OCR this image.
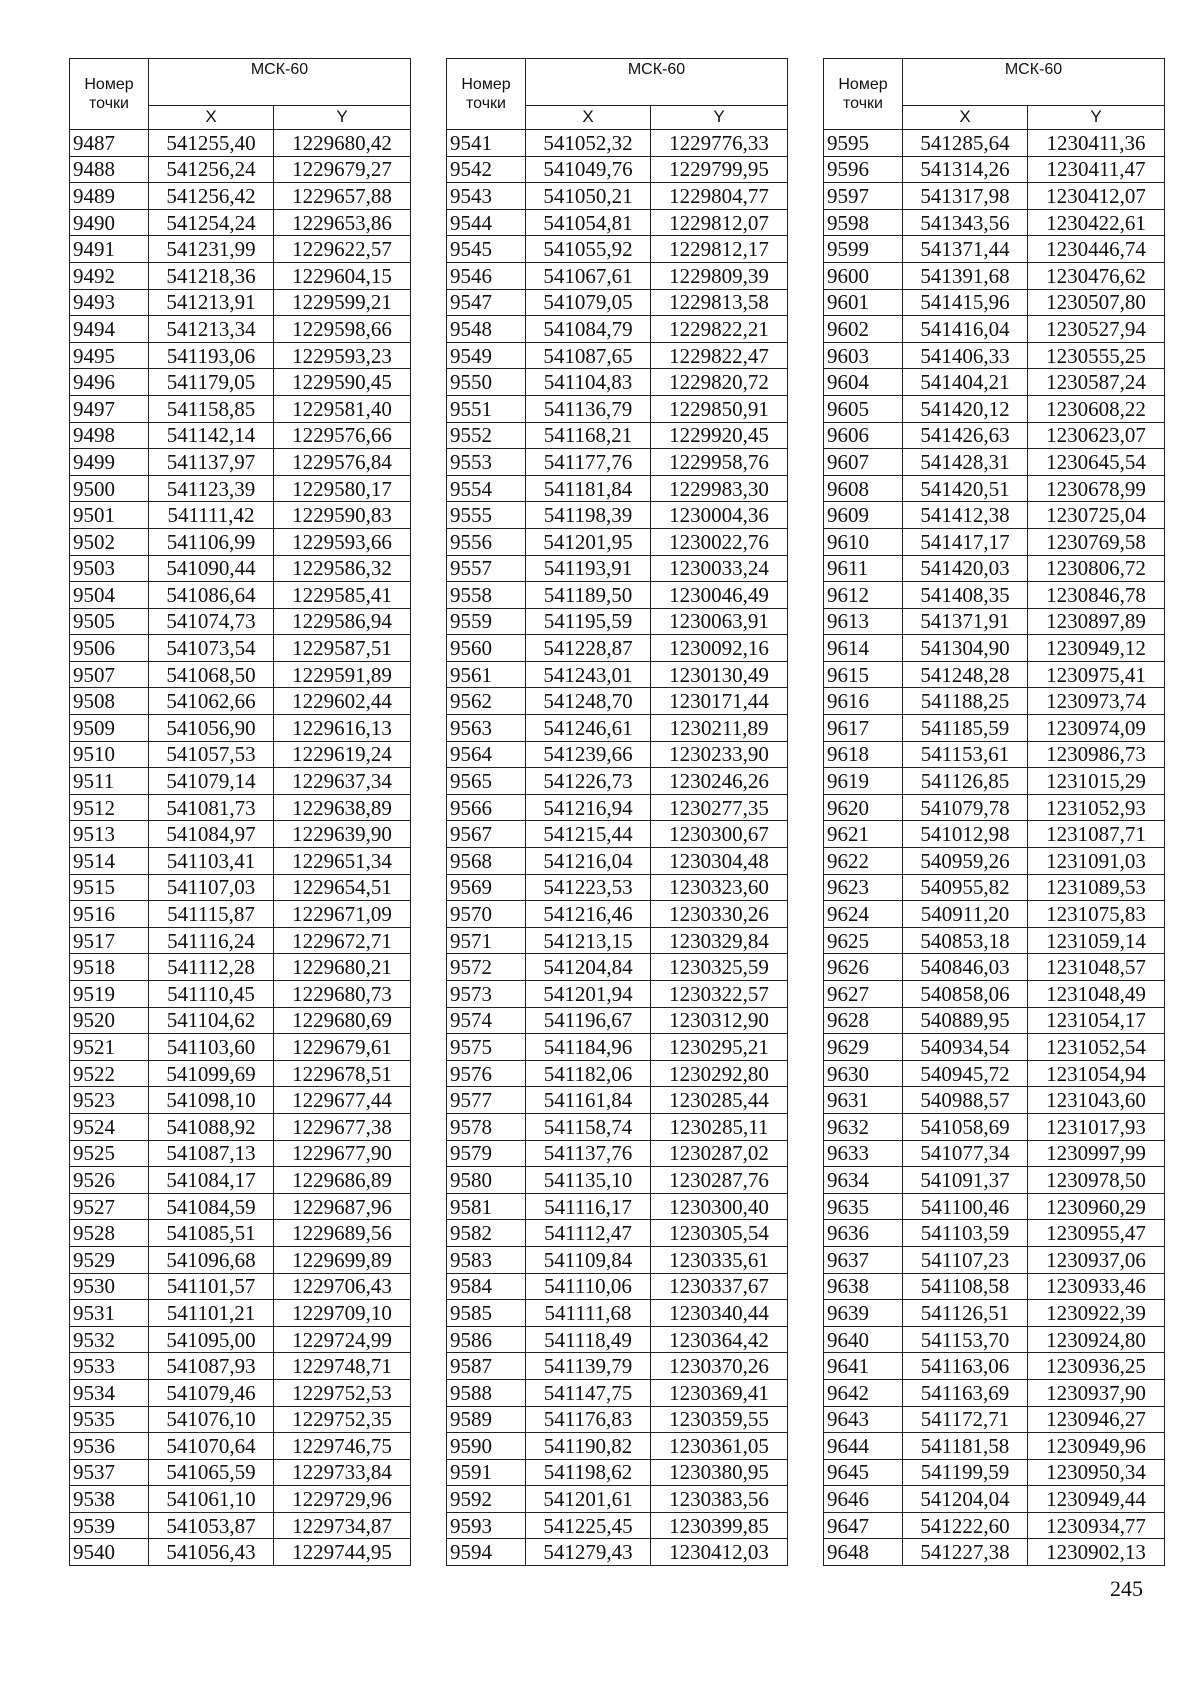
Номер
точки	МСК-60	
	X	Y
9487	541255,40	1229680,42
9488	541256,24	1229679,27
9489	541256,42	1229657,88
9490	541254,24	1229653,86
9491	541231,99	1229622,57
9492	541218,36	1229604,15
9493	541213,91	1229599,21
9494	541213,34	1229598,66
9495	541193,06	1229593,23
9496	541179,05	1229590,45
9497	541158,85	1229581,40
9498	541142,14	1229576,66
9499	541137,97	1229576,84
9500	541123,39	1229580,17
9501	541111,42	1229590,83
9502	541106,99	1229593,66
9503	541090,44	1229586,32
9504	541086,64	1229585,41
9505	541074,73	1229586,94
9506	541073,54	1229587,51
9507	541068,50	1229591,89
9508	541062,66	1229602,44
9509	541056,90	1229616,13
9510	541057,53	1229619,24
9511	541079,14	1229637,34
9512	541081,73	1229638,89
9513	541084,97	1229639,90
9514	541103,41	1229651,34
9515	541107,03	1229654,51
9516	541115,87	1229671,09
9517	541116,24	1229672,71
9518	541112,28	1229680,21
9519	541110,45	1229680,73
9520	541104,62	1229680,69
9521	541103,60	1229679,61
9522	541099,69	1229678,51
9523	541098,10	1229677,44
9524	541088,92	1229677,38
9525	541087,13	1229677,90
9526	541084,17	1229686,89
9527	541084,59	1229687,96
9528	541085,51	1229689,56
9529	541096,68	1229699,89
9530	541101,57	1229706,43
9531	541101,21	1229709,10
9532	541095,00	1229724,99
9533	541087,93	1229748,71
9534	541079,46	1229752,53
9535	541076,10	1229752,35
9536	541070,64	1229746,75
9537	541065,59	1229733,84
9538	541061,10	1229729,96
9539	541053,87	1229734,87
9540	541056,43	1229744,95
Номер
точки	МСК-60	
	X	Y
9541	541052,32	1229776,33
9542	541049,76	1229799,95
9543	541050,21	1229804,77
9544	541054,81	1229812,07
9545	541055,92	1229812,17
9546	541067,61	1229809,39
9547	541079,05	1229813,58
9548	541084,79	1229822,21
9549	541087,65	1229822,47
9550	541104,83	1229820,72
9551	541136,79	1229850,91
9552	541168,21	1229920,45
9553	541177,76	1229958,76
9554	541181,84	1229983,30
9555	541198,39	1230004,36
9556	541201,95	1230022,76
9557	541193,91	1230033,24
9558	541189,50	1230046,49
9559	541195,59	1230063,91
9560	541228,87	1230092,16
9561	541243,01	1230130,49
9562	541248,70	1230171,44
9563	541246,61	1230211,89
9564	541239,66	1230233,90
9565	541226,73	1230246,26
9566	541216,94	1230277,35
9567	541215,44	1230300,67
9568	541216,04	1230304,48
9569	541223,53	1230323,60
9570	541216,46	1230330,26
9571	541213,15	1230329,84
9572	541204,84	1230325,59
9573	541201,94	1230322,57
9574	541196,67	1230312,90
9575	541184,96	1230295,21
9576	541182,06	1230292,80
9577	541161,84	1230285,44
9578	541158,74	1230285,11
9579	541137,76	1230287,02
9580	541135,10	1230287,76
9581	541116,17	1230300,40
9582	541112,47	1230305,54
9583	541109,84	1230335,61
9584	541110,06	1230337,67
9585	541111,68	1230340,44
9586	541118,49	1230364,42
9587	541139,79	1230370,26
9588	541147,75	1230369,41
9589	541176,83	1230359,55
9590	541190,82	1230361,05
9591	541198,62	1230380,95
9592	541201,61	1230383,56
9593	541225,45	1230399,85
9594	541279,43	1230412,03
Номер
точки	МСК-60	
	X	Y
9595	541285,64	1230411,36
9596	541314,26	1230411,47
9597	541317,98	1230412,07
9598	541343,56	1230422,61
9599	541371,44	1230446,74
9600	541391,68	1230476,62
9601	541415,96	1230507,80
9602	541416,04	1230527,94
9603	541406,33	1230555,25
9604	541404,21	1230587,24
9605	541420,12	1230608,22
9606	541426,63	1230623,07
9607	541428,31	1230645,54
9608	541420,51	1230678,99
9609	541412,38	1230725,04
9610	541417,17	1230769,58
9611	541420,03	1230806,72
9612	541408,35	1230846,78
9613	541371,91	1230897,89
9614	541304,90	1230949,12
9615	541248,28	1230975,41
9616	541188,25	1230973,74
9617	541185,59	1230974,09
9618	541153,61	1230986,73
9619	541126,85	1231015,29
9620	541079,78	1231052,93
9621	541012,98	1231087,71
9622	540959,26	1231091,03
9623	540955,82	1231089,53
9624	540911,20	1231075,83
9625	540853,18	1231059,14
9626	540846,03	1231048,57
9627	540858,06	1231048,49
9628	540889,95	1231054,17
9629	540934,54	1231052,54
9630	540945,72	1231054,94
9631	540988,57	1231043,60
9632	541058,69	1231017,93
9633	541077,34	1230997,99
9634	541091,37	1230978,50
9635	541100,46	1230960,29
9636	541103,59	1230955,47
9637	541107,23	1230937,06
9638	541108,58	1230933,46
9639	541126,51	1230922,39
9640	541153,70	1230924,80
9641	541163,06	1230936,25
9642	541163,69	1230937,90
9643	541172,71	1230946,27
9644	541181,58	1230949,96
9645	541199,59	1230950,34
9646	541204,04	1230949,44
9647	541222,60	1230934,77
9648	541227,38	1230902,13
245
